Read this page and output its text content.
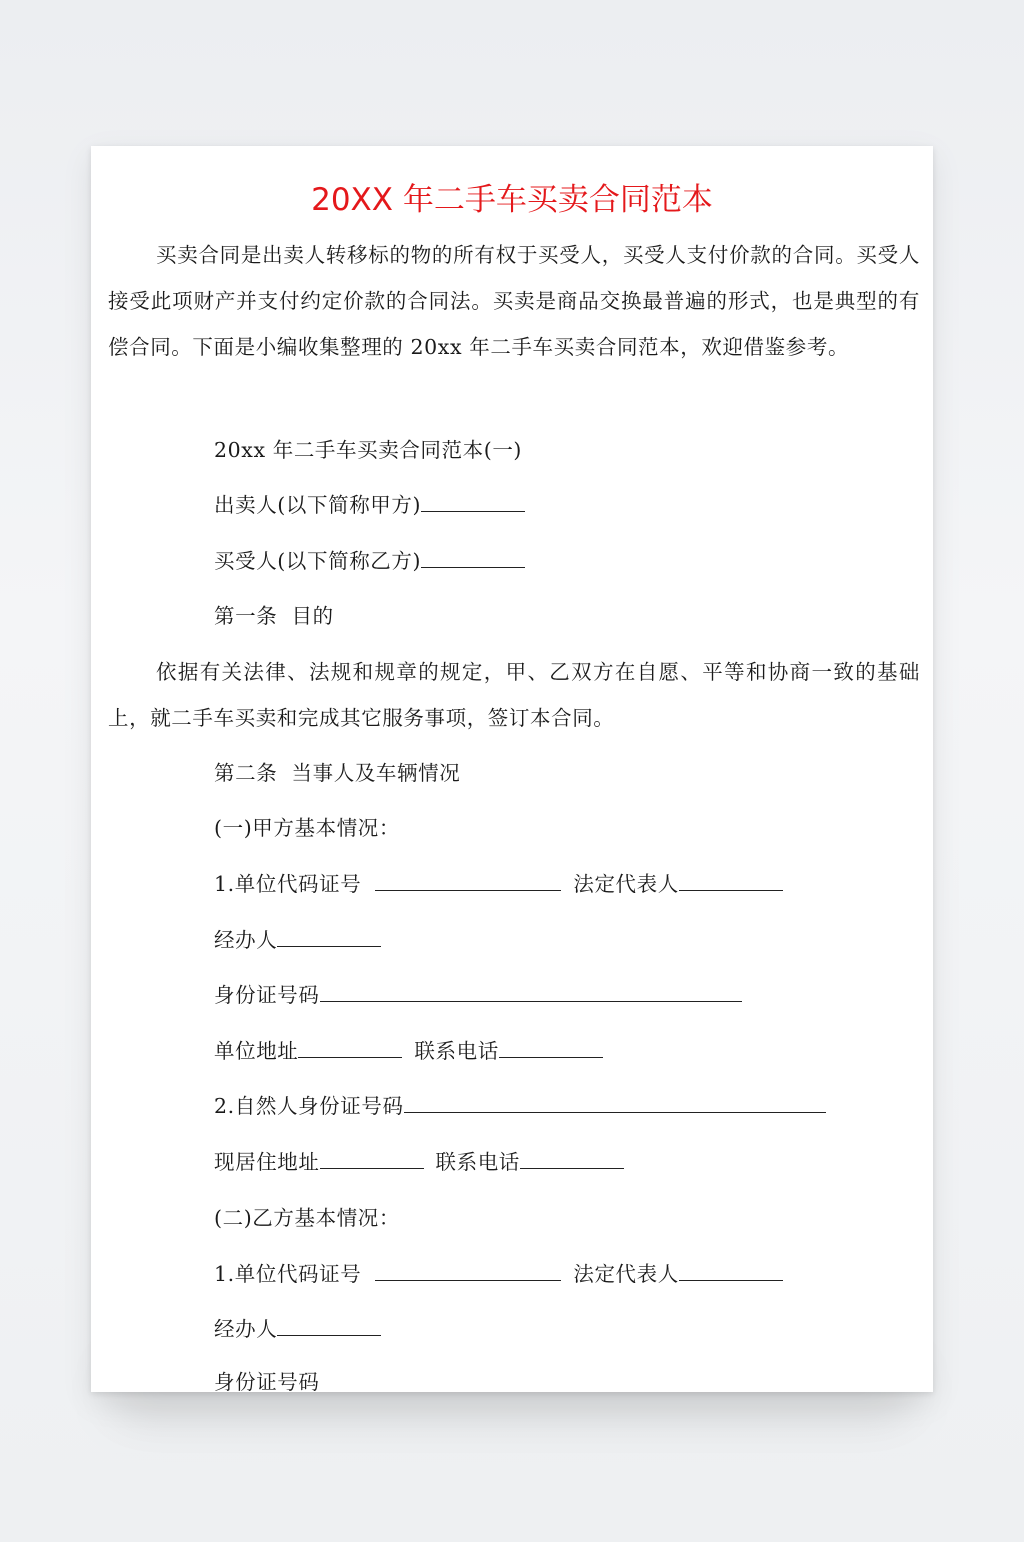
20XX 年二手车买卖合同范本

买卖合同是出卖人转移标的物的所有权于买受人，买受人支付价款的合同。买受人接受此项财产并支付约定价款的合同法。买卖是商品交换最普遍的形式，也是典型的有偿合同。下面是小编收集整理的 20xx 年二手车买卖合同范本，欢迎借鉴参考。

20xx 年二手车买卖合同范本(一)
出卖人(以下简称甲方)
买受人(以下简称乙方)
第一条  目的

依据有关法律、法规和规章的规定，甲、乙双方在自愿、平等和协商一致的基础上，就二手车买卖和完成其它服务事项，签订本合同。

第二条  当事人及车辆情况
(一)甲方基本情况：
1.单位代码证号	法定代表人
经办人
身份证号码
单位地址	联系电话
2.自然人身份证号码
现居住地址	联系电话
(二)乙方基本情况：
1.单位代码证号	法定代表人
经办人
身份证号码
